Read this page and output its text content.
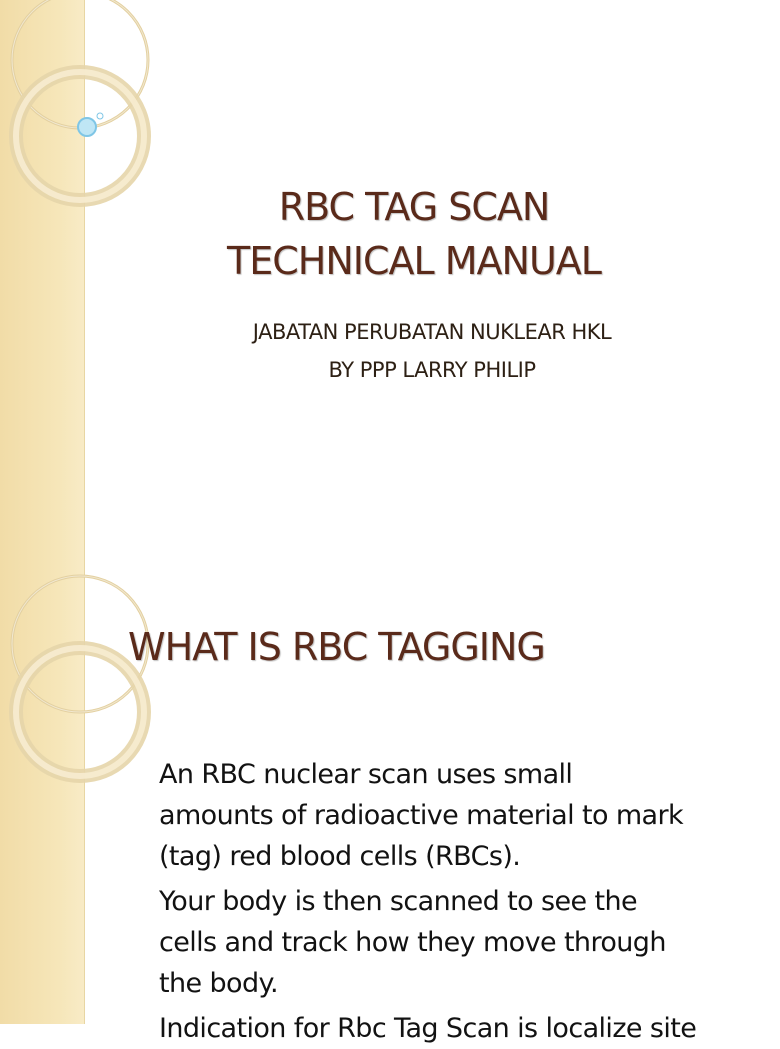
RBC TAG SCAN
TECHNICAL MANUAL
JABATAN PERUBATAN NUKLEAR HKL
BY PPP LARRY PHILIP
WHAT IS RBC TAGGING
An RBC nuclear scan uses small
amounts of radioactive material to mark
(tag) red blood cells (RBCs).
Your body is then scanned to see the
cells and track how they move through
the body.
Indication for Rbc Tag Scan is localize site
